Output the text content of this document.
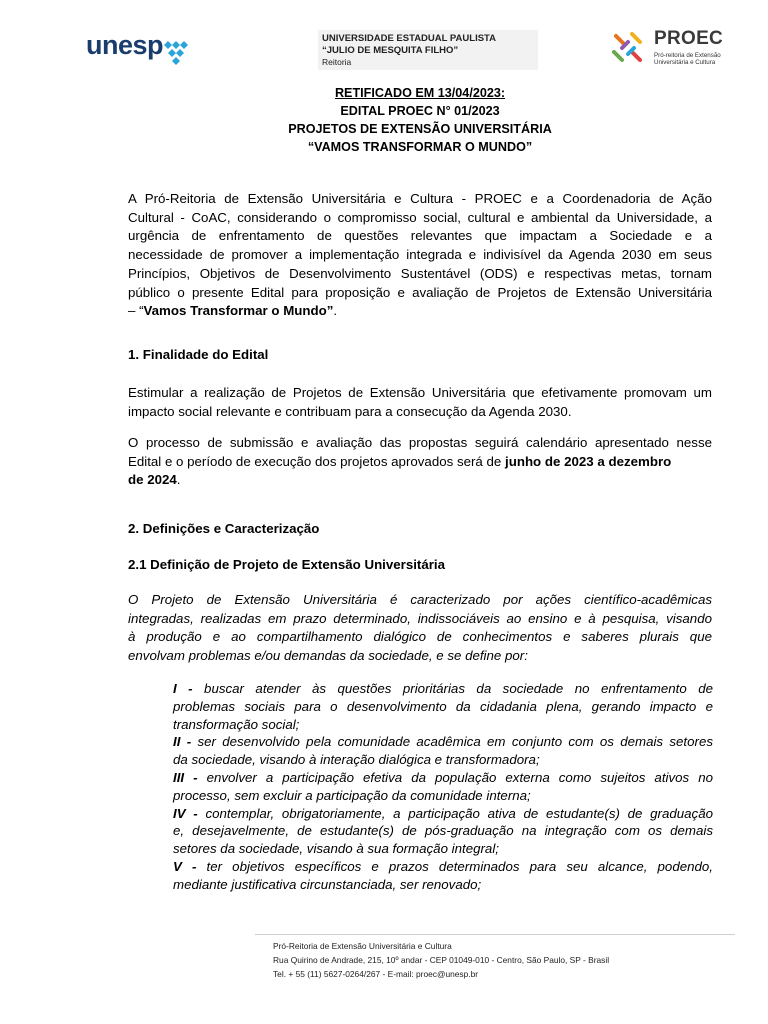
unesp	UNIVERSIDADE ESTADUAL PAULISTA
“JULIO DE MESQUITA FILHO”
Reitoria
PROEC
Pró-reitoria de Extensão
Universitária e Cultura
RETIFICADO EM 13/04/2023:
EDITAL PROEC N° 01/2023
PROJETOS DE EXTENSÃO UNIVERSITÁRIA
“VAMOS TRANSFORMAR O MUNDO”
A Pró-Reitoria de Extensão Universitária e Cultura - PROEC e a Coordenadoria de Ação
Cultural - CoAC, considerando o compromisso social, cultural e ambiental da Universidade, a
urgência de enfrentamento de questões relevantes que impactam a Sociedade e a
necessidade de promover a implementação integrada e indivisível da Agenda 2030 em seus
Princípios, Objetivos de Desenvolvimento Sustentável (ODS) e respectivas metas, tornam
público o presente Edital para proposição e avaliação de Projetos de Extensão Universitária
– “Vamos Transformar o Mundo”.
1. Finalidade do Edital
Estimular a realização de Projetos de Extensão Universitária que efetivamente promovam um
impacto social relevante e contribuam para a consecução da Agenda 2030.
O processo de submissão e avaliação das propostas seguirá calendário apresentado nesse
Edital e o período de execução dos projetos aprovados será de junho de 2023 a dezembro
de 2024.
2. Definições e Caracterização
2.1 Definição de Projeto de Extensão Universitária
O Projeto de Extensão Universitária é caracterizado por ações científico-acadêmicas
integradas, realizadas em prazo determinado, indissociáveis ao ensino e à pesquisa, visando
à produção e ao compartilhamento dialógico de conhecimentos e saberes plurais que
envolvam problemas e/ou demandas da sociedade, e se define por:
I - buscar atender às questões prioritárias da sociedade no enfrentamento de
problemas sociais para o desenvolvimento da cidadania plena, gerando impacto e
transformação social;
II - ser desenvolvido pela comunidade acadêmica em conjunto com os demais setores
da sociedade, visando à interação dialógica e transformadora;
III - envolver a participação efetiva da população externa como sujeitos ativos no
processo, sem excluir a participação da comunidade interna;
IV - contemplar, obrigatoriamente, a participação ativa de estudante(s) de graduação
e, desejavelmente, de estudante(s) de pós-graduação na integração com os demais
setores da sociedade, visando à sua formação integral;
V - ter objetivos específicos e prazos determinados para seu alcance, podendo,
mediante justificativa circunstanciada, ser renovado;
Pró-Reitoria de Extensão Universitária e Cultura
Rua Quirino de Andrade, 215, 10º andar - CEP 01049-010 - Centro, São Paulo, SP - Brasil
Tel. + 55 (11) 5627-0264/267 - E-mail: proec@unesp.br
